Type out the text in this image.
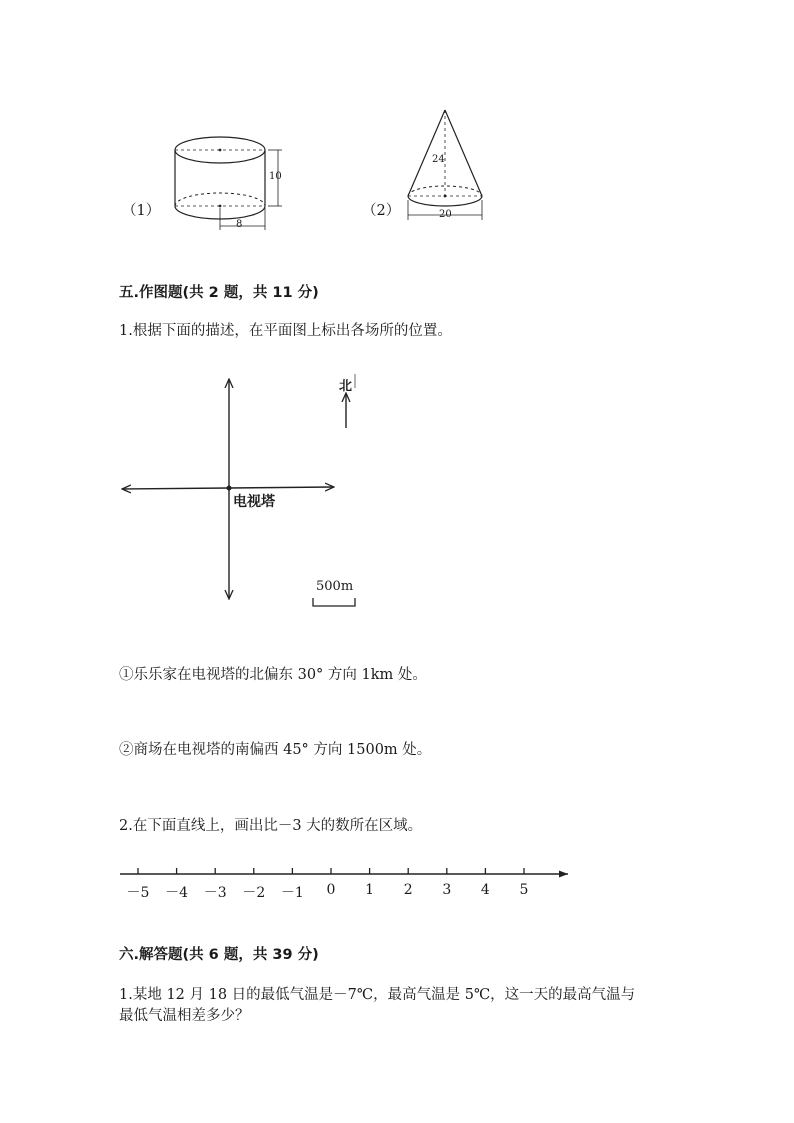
（1）
10
8
（2）
24
20
五.作图题(共 2 题，共 11 分)
1.根据下面的描述，在平面图上标出各场所的位置。
北
电视塔
500m
①乐乐家在电视塔的北偏东 30° 方向 1km 处。
②商场在电视塔的南偏西 45° 方向 1500m 处。
2.在下面直线上，画出比－3 大的数所在区域。
－5	－4	－3	－2	－1	0	1	2	3	4	5
六.解答题(共 6 题，共 39 分)
1.某地 12 月 18 日的最低气温是－7℃，最高气温是 5℃，这一天的最高气温与
最低气温相差多少？
